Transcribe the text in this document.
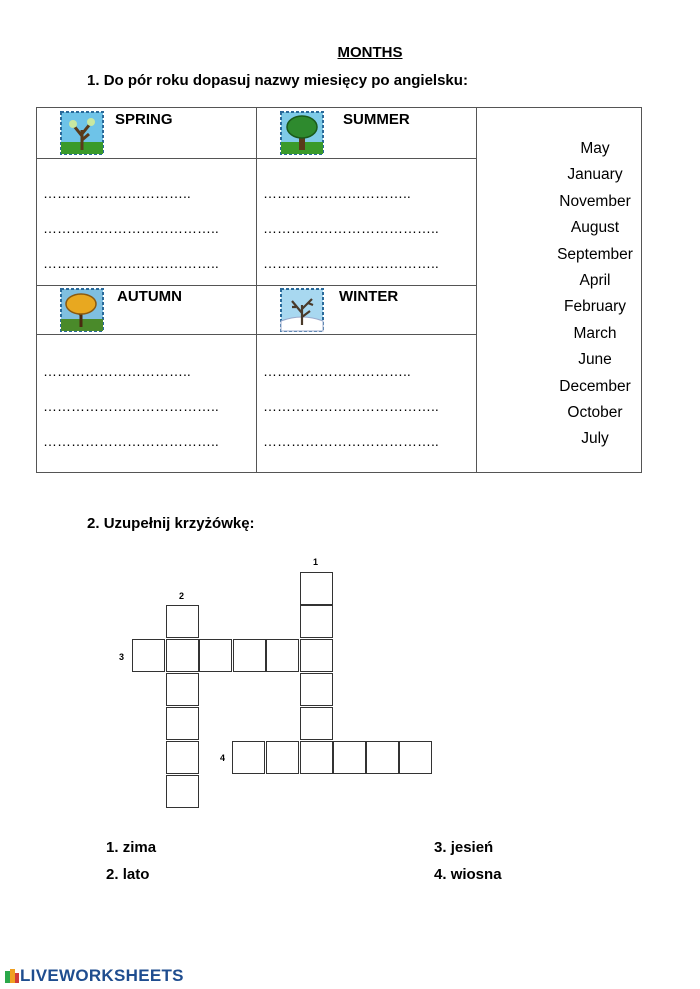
MONTHS
1. Do pór roku dopasuj nazwy miesięcy po angielsku:
SPRING	SUMMER
…………………………..
………………………………..
………………………………..
…………………………..
………………………………..
………………………………..
AUTUMN	WINTER
…………………………..
………………………………..
………………………………..
…………………………..
………………………………..
………………………………..
May
January
November
August
September
April
February
March
June
December
October
July
2. Uzupełnij krzyżówkę:
1
2
3
4
1. zima
2. lato
3. jesień
4. wiosna
LIVEWORKSHEETS
